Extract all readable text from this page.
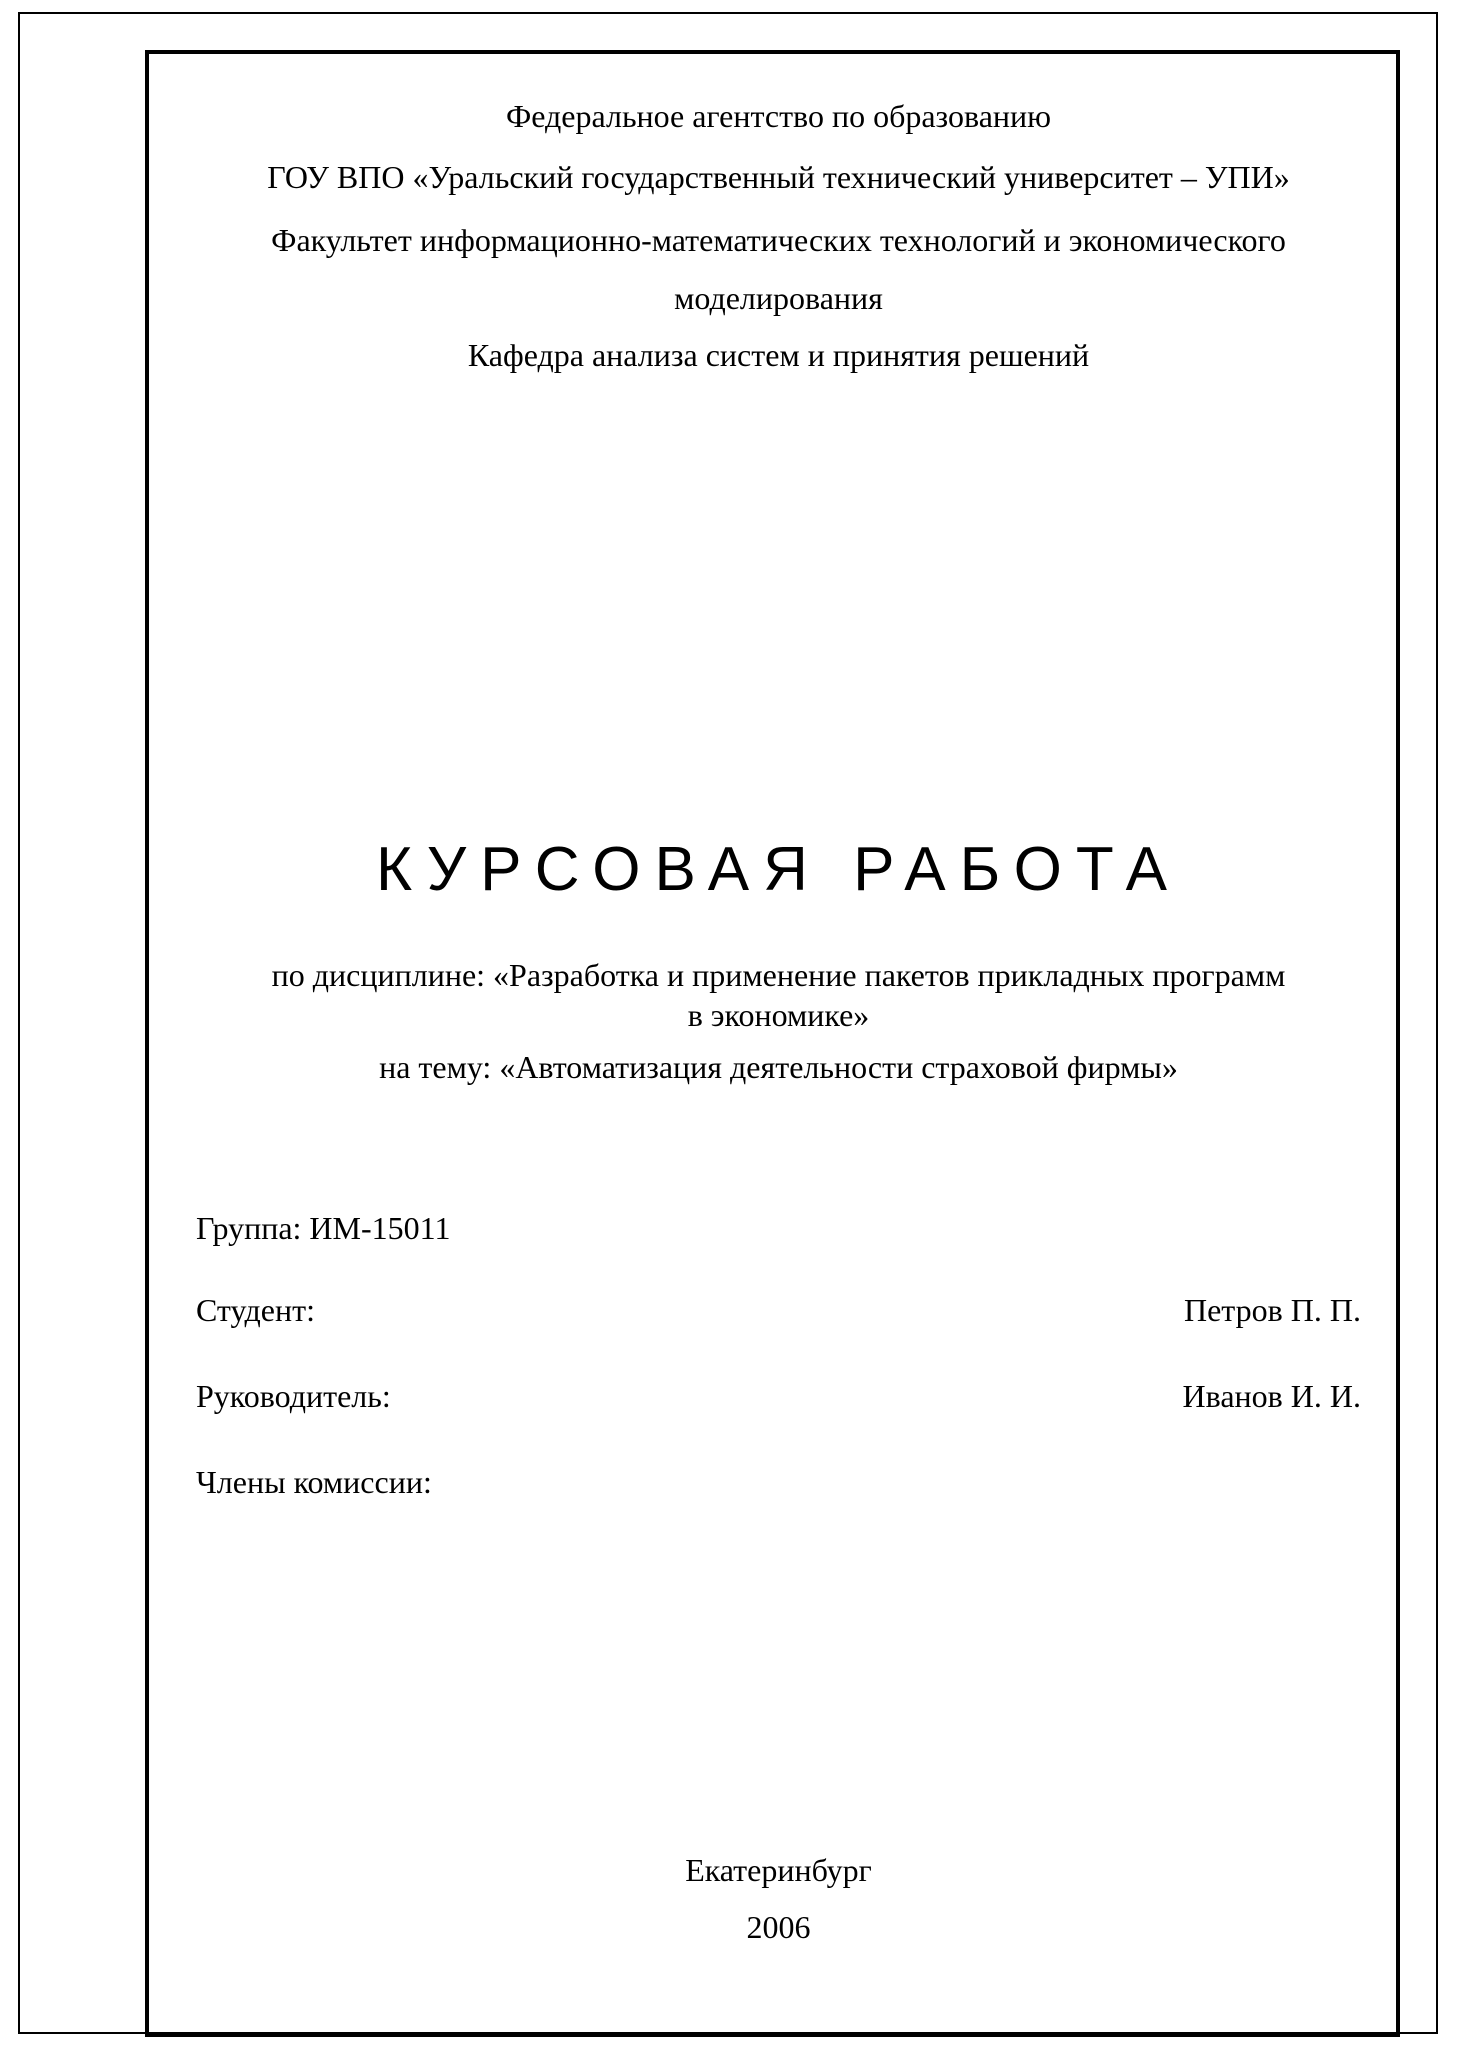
Федеральное агентство по образованию
ГОУ ВПО «Уральский государственный технический университет – УПИ»
Факультет информационно-математических технологий и экономического
моделирования
Кафедра анализа систем и принятия решений
КУРСОВАЯ РАБОТА
по дисциплине: «Разработка и применение пакетов прикладных программ
в экономике»
на тему: «Автоматизация деятельности страховой фирмы»
Группа: ИМ-15011
Студент:	Петров П. П.
Руководитель:	Иванов И. И.
Члены комиссии:
Екатеринбург
2006
